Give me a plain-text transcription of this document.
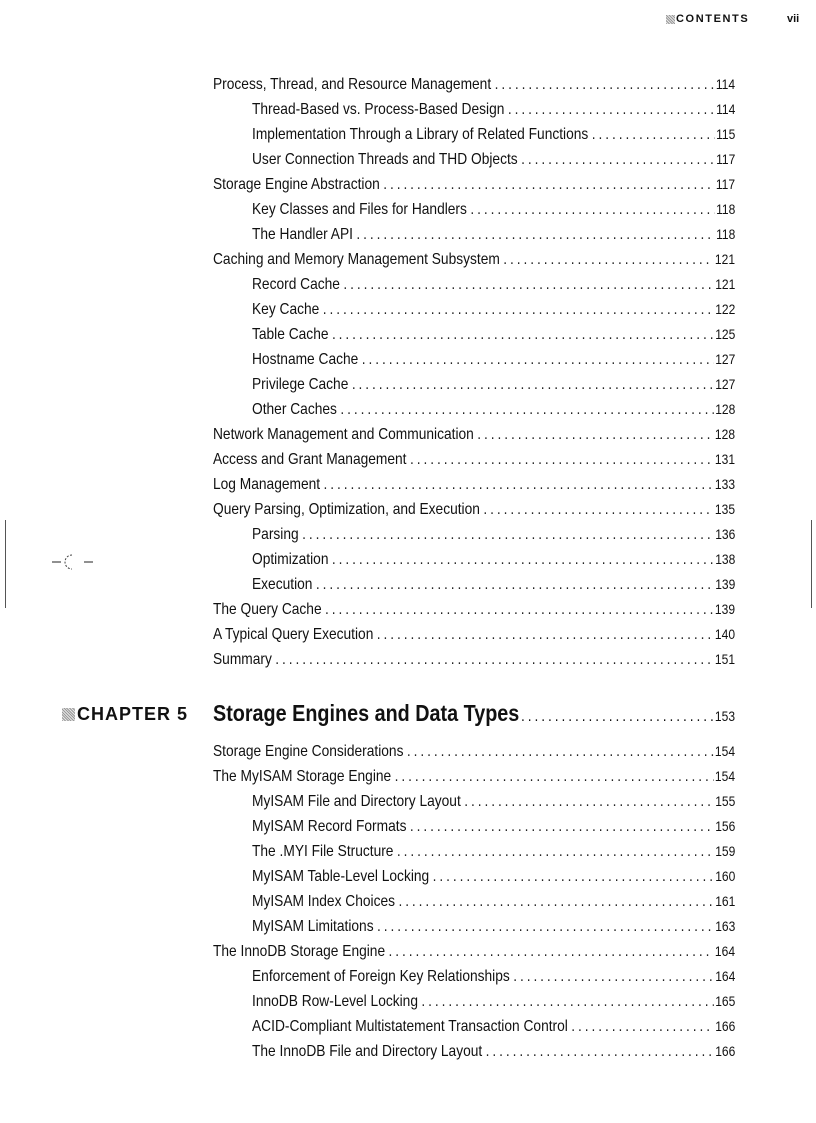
CONTENTS	vii
Process, Thread, and Resource Management .....	114
Thread-Based vs. Process-Based Design .....	114
Implementation Through a Library of Related Functions .....	115
User Connection Threads and THD Objects .....	117
Storage Engine Abstraction .....	117
Key Classes and Files for Handlers .....	118
The Handler API .....	118
Caching and Memory Management Subsystem .....	121
Record Cache .....	121
Key Cache .....	122
Table Cache .....	125
Hostname Cache .....	127
Privilege Cache .....	127
Other Caches .....	128
Network Management and Communication .....	128
Access and Grant Management .....	131
Log Management .....	133
Query Parsing, Optimization, and Execution .....	135
Parsing .....	136
Optimization .....	138
Execution .....	139
The Query Cache .....	139
A Typical Query Execution .....	140
Summary .....	151
CHAPTER 5 Storage Engines and Data Types .....	153
Storage Engine Considerations .....	154
The MyISAM Storage Engine .....	154
MyISAM File and Directory Layout .....	155
MyISAM Record Formats .....	156
The .MYI File Structure .....	159
MyISAM Table-Level Locking .....	160
MyISAM Index Choices .....	161
MyISAM Limitations .....	163
The InnoDB Storage Engine .....	164
Enforcement of Foreign Key Relationships .....	164
InnoDB Row-Level Locking .....	165
ACID-Compliant Multistatement Transaction Control .....	166
The InnoDB File and Directory Layout .....	166
